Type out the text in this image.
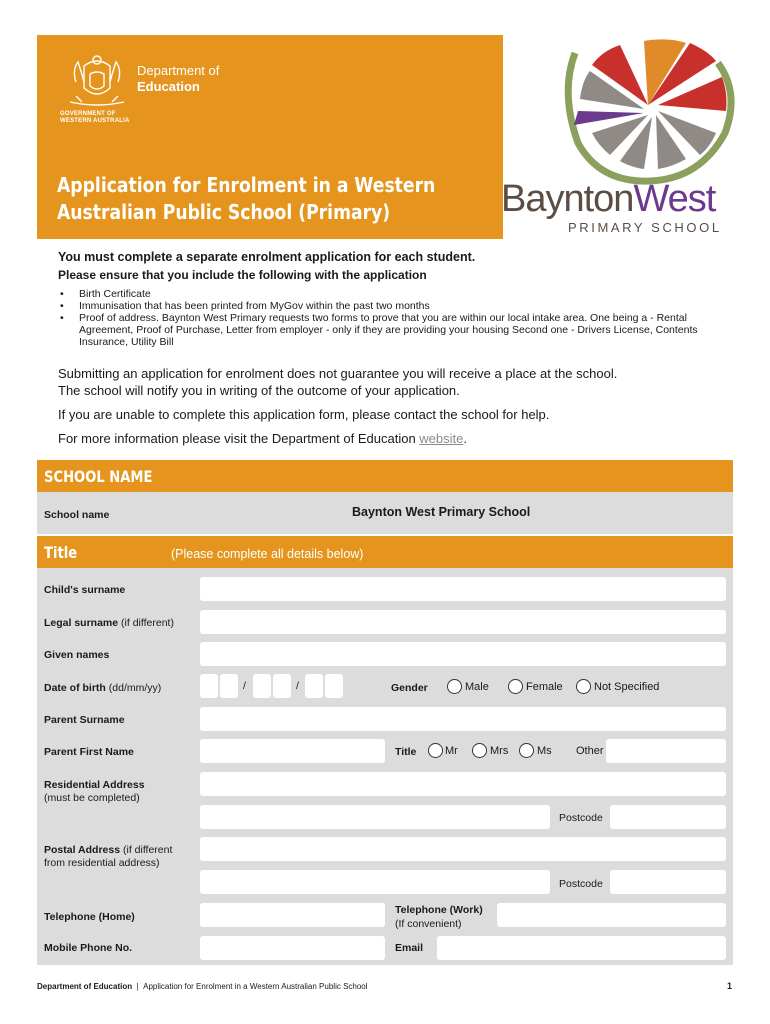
Department of
Education
GOVERNMENT OF
WESTERN AUSTRALIA
Application for Enrolment in a Western
Australian Public School (Primary)	BayntonWest
PRIMARY SCHOOL
You must complete a separate enrolment application for each student.
Please ensure that you include the following with the application
• Birth Certificate
• Immunisation that has been printed from MyGov within the past two months
• Proof of address. Baynton West Primary requests two forms to prove that you are within our local intake area. One being a - Rental Agreement, Proof of Purchase, Letter from employer - only if they are providing your housing Second one - Drivers License, Contents Insurance, Utility Bill
Submitting an application for enrolment does not guarantee you will receive a place at the school.
The school will notify you in writing of the outcome of your application.
If you are unable to complete this application form, please contact the school for help.
For more information please visit the Department of Education website.
SCHOOL NAME
School name	Baynton West Primary School
Title	(Please complete all details below)
Child's surname
Legal surname (if different)
Given names
Date of birth (dd/mm/yy)	/	/	Gender	Male	Female	Not Specified
Parent Surname
Parent First Name	Title	Mr	Mrs	Ms Other
Residential Address
(must be completed)
Postcode
Postal Address (if different
from residential address)
Postcode
Telephone (Home)
Telephone (Work)
(If convenient)
Mobile Phone No.	Email
Department of Education | Application for Enrolment in a Western Australian Public School	1
